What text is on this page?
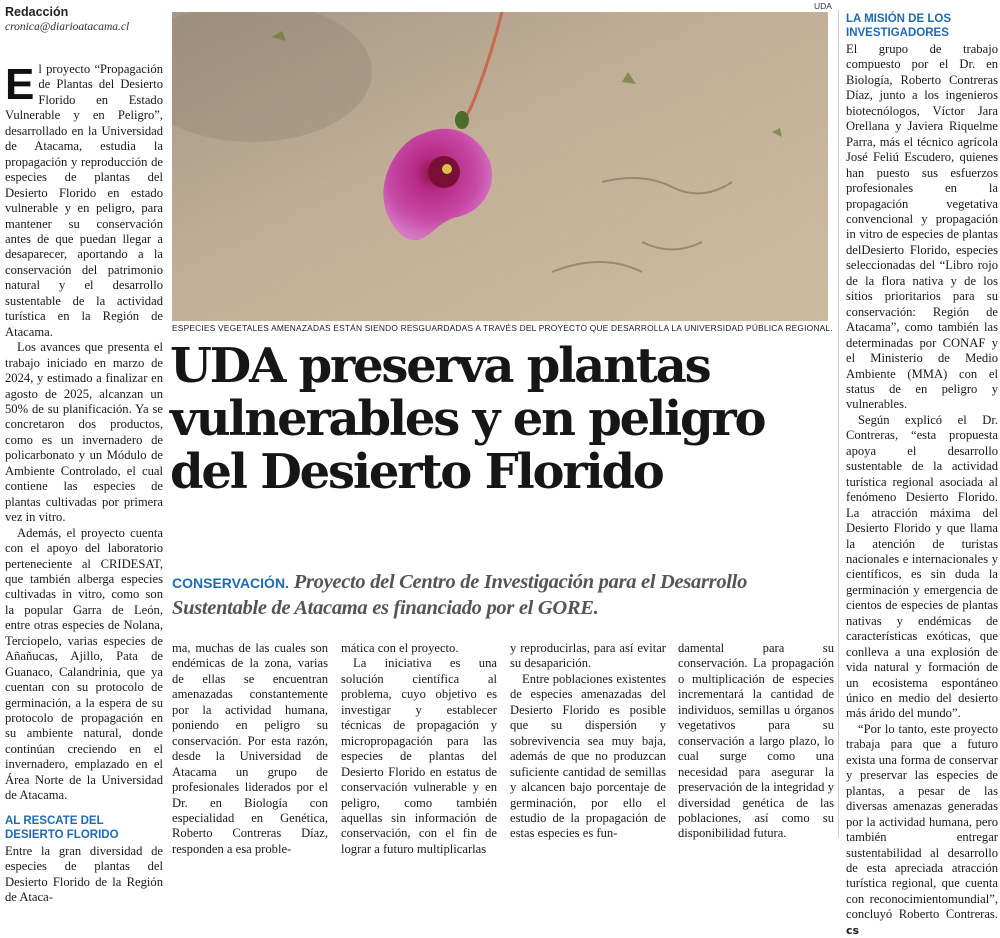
Redacción
cronica@diarioatacama.cl

El proyecto “Propagación de Plantas del Desierto Florido en Estado Vulnerable y en Peligro”, desarrollado en la Universidad de Atacama, estudia la propagación y reproducción de especies de plantas del Desierto Florido en estado vulnerable y en peligro, para mantener su conservación antes de que puedan llegar a desaparecer, aportando a la conservación del patrimonio natural y el desarrollo sustentable de la actividad turística en la Región de Atacama.

Los avances que presenta el trabajo iniciado en marzo de 2024, y estimado a finalizar en agosto de 2025, alcanzan un 50% de su planificación. Ya se concretaron dos productos, como es un invernadero de policarbonato y un Módulo de Ambiente Controlado, el cual contiene las especies de plantas cultivadas por primera vez in vitro.

Además, el proyecto cuenta con el apoyo del laboratorio perteneciente al CRIDESAT, que también alberga especies cultivadas in vitro, como son la popular Garra de León, entre otras especies de Nolana, Terciopelo, varias especies de Añañucas, Ajillo, Pata de Guanaco, Calandrinia, que ya cuentan con su protocolo de germinación, a la espera de su protocolo de propagación en su ambiente natural, donde continúan creciendo en el invernadero, emplazado en el Área Norte de la Universidad de Atacama.

AL RESCATE DEL DESIERTO FLORIDO

Entre la gran diversidad de especies de plantas del Desierto Florido de la Región de Ataca-

UDA
ESPECIES VEGETALES AMENAZADAS ESTÁN SIENDO RESGUARDADAS A TRAVÉS DEL PROYECTO QUE DESARROLLA LA UNIVERSIDAD PÚBLICA REGIONAL.
UDA preserva plantas
vulnerables y en peligro
del Desierto Florido

CONSERVACIÓN. Proyecto del Centro de Investigación para el Desarrollo Sustentable de Atacama es financiado por el GORE.

ma, muchas de las cuales son endémicas de la zona, varias de ellas se encuentran amenazadas constantemente por la actividad humana, poniendo en peligro su conservación. Por esta razón, desde la Universidad de Atacama un grupo de profesionales liderados por el Dr. en Biología con especialidad en Genética, Roberto Contreras Díaz, responden a esa proble-

mática con el proyecto.

La iniciativa es una solución científica al problema, cuyo objetivo es investigar y establecer técnicas de propagación y micropropagación para las especies de plantas del Desierto Florido en estatus de conservación vulnerable y en peligro, como también aquellas sin información de conservación, con el fin de lograr a futuro multiplicarlas

y reproducirlas, para así evitar su desaparición.

Entre poblaciones existentes de especies amenazadas del Desierto Florido es posible que su dispersión y sobrevivencia sea muy baja, además de que no produzcan suficiente cantidad de semillas y alcancen bajo porcentaje de germinación, por ello el estudio de la propagación de estas especies es fun-

damental para su conservación. La propagación o multiplicación de especies incrementará la cantidad de individuos, semillas u órganos vegetativos para su conservación a largo plazo, lo cual surge como una necesidad para asegurar la preservación de la integridad y diversidad genética de las poblaciones, así como su disponibilidad futura.

LA MISIÓN DE LOS INVESTIGADORES

El grupo de trabajo compuesto por el Dr. en Biología, Roberto Contreras Díaz, junto a los ingenieros biotecnólogos, Víctor Jara Orellana y Javiera Riquelme Parra, más el técnico agrícola José Feliú Escudero, quienes han puesto sus esfuerzos profesionales en la propagación vegetativa convencional y propagación in vitro de especies de plantas delDesierto Florido, especies seleccionadas del “Libro rojo de la flora nativa y de los sitios prioritarios para su conservación: Región de Atacama”, como también las determinadas por CONAF y el Ministerio de Medio Ambiente (MMA) con el status de en peligro y vulnerables.

Según explicó el Dr. Contreras, “esta propuesta apoya el desarrollo sustentable de la actividad turística regional asociada al fenómeno Desierto Florido. La atracción máxima del Desierto Florido y que llama la atención de turistas nacionales e internacionales y científicos, es sin duda la germinación y emergencia de cientos de especies de plantas nativas y endémicas de características exóticas, que conlleva a una explosión de vida natural y formación de un ecosistema espontáneo único en medio del desierto más árido del mundo”.

“Por lo tanto, este proyecto trabaja para que a futuro exista una forma de conservar y preservar las especies de plantas, a pesar de las diversas amenazas generadas por la actividad humana, pero también entregar sustentabilidad al desarrollo de esta apreciada atracción turística regional, que cuenta con reconocimientomundial”, concluyó Roberto Contreras. cs
